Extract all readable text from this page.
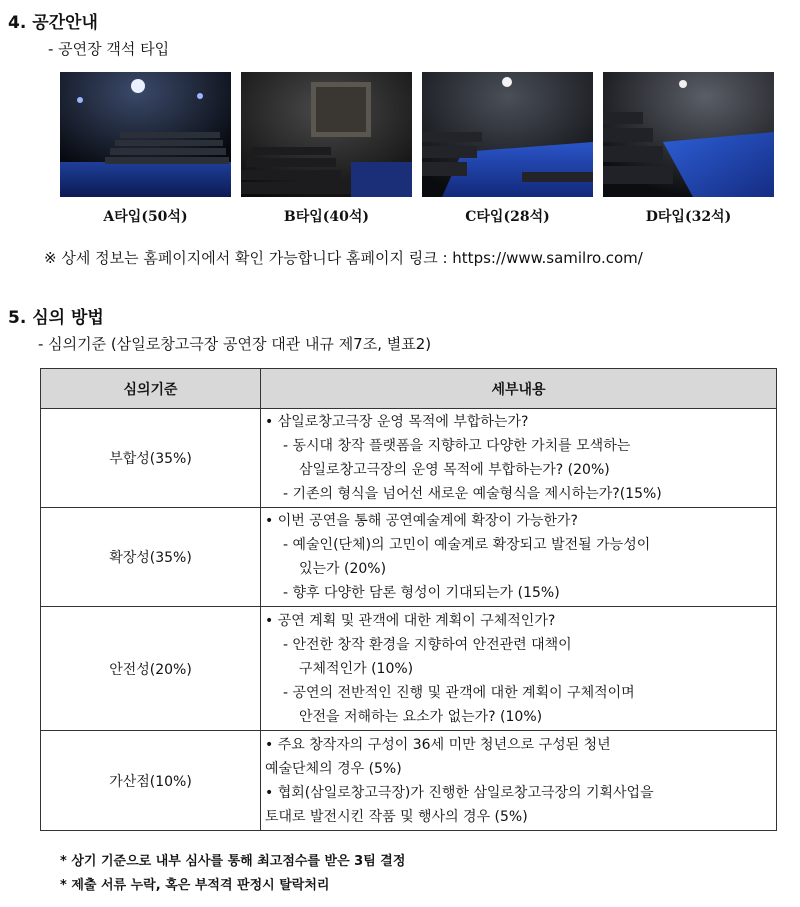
4. 공간안내
- 공연장 객석 타입
A타입(50석)	B타입(40석)	C타입(28석)	D타입(32석)
※ 상세 정보는 홈페이지에서 확인 가능합니다 홈페이지 링크 : https://www.samilro.com/
5. 심의 방법
- 심의기준 (삼일로창고극장 공연장 대관 내규 제7조, 별표2)
심의기준	세부내용
부합성(35%)	• 삼일로창고극장 운영 목적에 부합하는가?
- 동시대 창작 플랫폼을 지향하고 다양한 가치를 모색하는
삼일로창고극장의 운영 목적에 부합하는가? (20%)
- 기존의 형식을 넘어선 새로운 예술형식을 제시하는가?(15%)

확장성(35%)	• 이번 공연을 통해 공연예술계에 확장이 가능한가?
- 예술인(단체)의 고민이 예술계로 확장되고 발전될 가능성이
있는가 (20%)
- 향후 다양한 담론 형성이 기대되는가 (15%)

안전성(20%)	• 공연 계획 및 관객에 대한 계획이 구체적인가?
- 안전한 창작 환경을 지향하여 안전관련 대책이
구체적인가 (10%)
- 공연의 전반적인 진행 및 관객에 대한 계획이 구체적이며
안전을 저해하는 요소가 없는가? (10%)

가산점(10%)	• 주요 창작자의 구성이 36세 미만 청년으로 구성된 청년
예술단체의 경우 (5%)
• 협회(삼일로창고극장)가 진행한 삼일로창고극장의 기획사업을
토대로 발전시킨 작품 및 행사의 경우 (5%)
* 상기 기준으로 내부 심사를 통해 최고점수를 받은 3팀 결정
* 제출 서류 누락, 혹은 부적격 판정시 탈락처리
